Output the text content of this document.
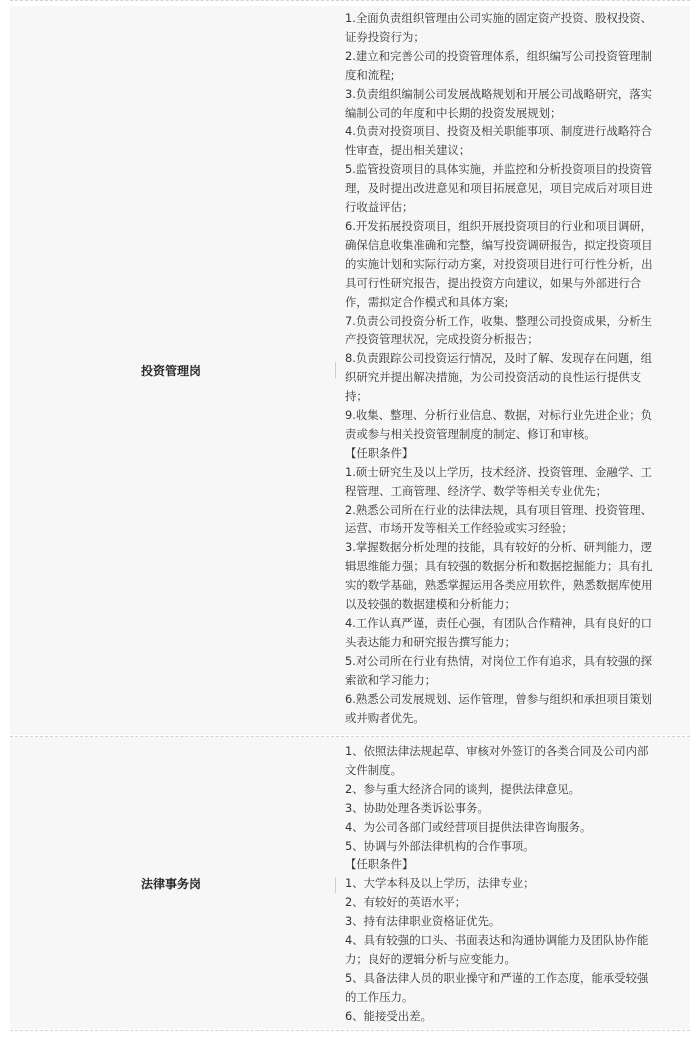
投资管理岗
1.全面负责组织管理由公司实施的固定资产投资、股权投资、
证券投资行为；
2.建立和完善公司的投资管理体系，组织编写公司投资管理制
度和流程;
3.负责组织编制公司发展战略规划和开展公司战略研究，落实
编制公司的年度和中长期的投资发展规划；
4.负责对投资项目、投资及相关职能事项、制度进行战略符合
性审查，提出相关建议；
5.监管投资项目的具体实施，并监控和分析投资项目的投资管
理，及时提出改进意见和项目拓展意见，项目完成后对项目进
行收益评估；
6.开发拓展投资项目，组织开展投资项目的行业和项目调研，
确保信息收集准确和完整，编写投资调研报告，拟定投资项目
的实施计划和实际行动方案，对投资项目进行可行性分析，出
具可行性研究报告，提出投资方向建议，如果与外部进行合
作，需拟定合作模式和具体方案;
7.负责公司投资分析工作，收集、整理公司投资成果，分析生
产投资管理状况，完成投资分析报告；
8.负责跟踪公司投资运行情况，及时了解、发现存在问题，组
织研究并提出解决措施，为公司投资活动的良性运行提供支
持；
9.收集、整理、分析行业信息、数据，对标行业先进企业；负
责或参与相关投资管理制度的制定、修订和审核。
【任职条件】
1.硕士研究生及以上学历，技术经济、投资管理、金融学、工
程管理、工商管理、经济学、数学等相关专业优先；
2.熟悉公司所在行业的法律法规，具有项目管理、投资管理、
运营、市场开发等相关工作经验或实习经验；
3.掌握数据分析处理的技能，具有较好的分析、研判能力，逻
辑思维能力强；具有较强的数据分析和数据挖掘能力；具有扎
实的数学基础，熟悉掌握运用各类应用软件，熟悉数据库使用
以及较强的数据建模和分析能力；
4.工作认真严谨，责任心强，有团队合作精神，具有良好的口
头表达能力和研究报告撰写能力；
5.对公司所在行业有热情，对岗位工作有追求，具有较强的探
索欲和学习能力；
6.熟悉公司发展规划、运作管理，曾参与组织和承担项目策划
或并购者优先。
法律事务岗
1、依照法律法规起草、审核对外签订的各类合同及公司内部
文件制度。
2、参与重大经济合同的谈判，提供法律意见。
3、协助处理各类诉讼事务。
4、为公司各部门或经营项目提供法律咨询服务。
5、协调与外部法律机构的合作事项。
【任职条件】
1、大学本科及以上学历，法律专业；
2、有较好的英语水平；
3、持有法律职业资格证优先。
4、具有较强的口头、书面表达和沟通协调能力及团队协作能
力；良好的逻辑分析与应变能力。
5、具备法律人员的职业操守和严谨的工作态度，能承受较强
的工作压力。
6、能接受出差。
